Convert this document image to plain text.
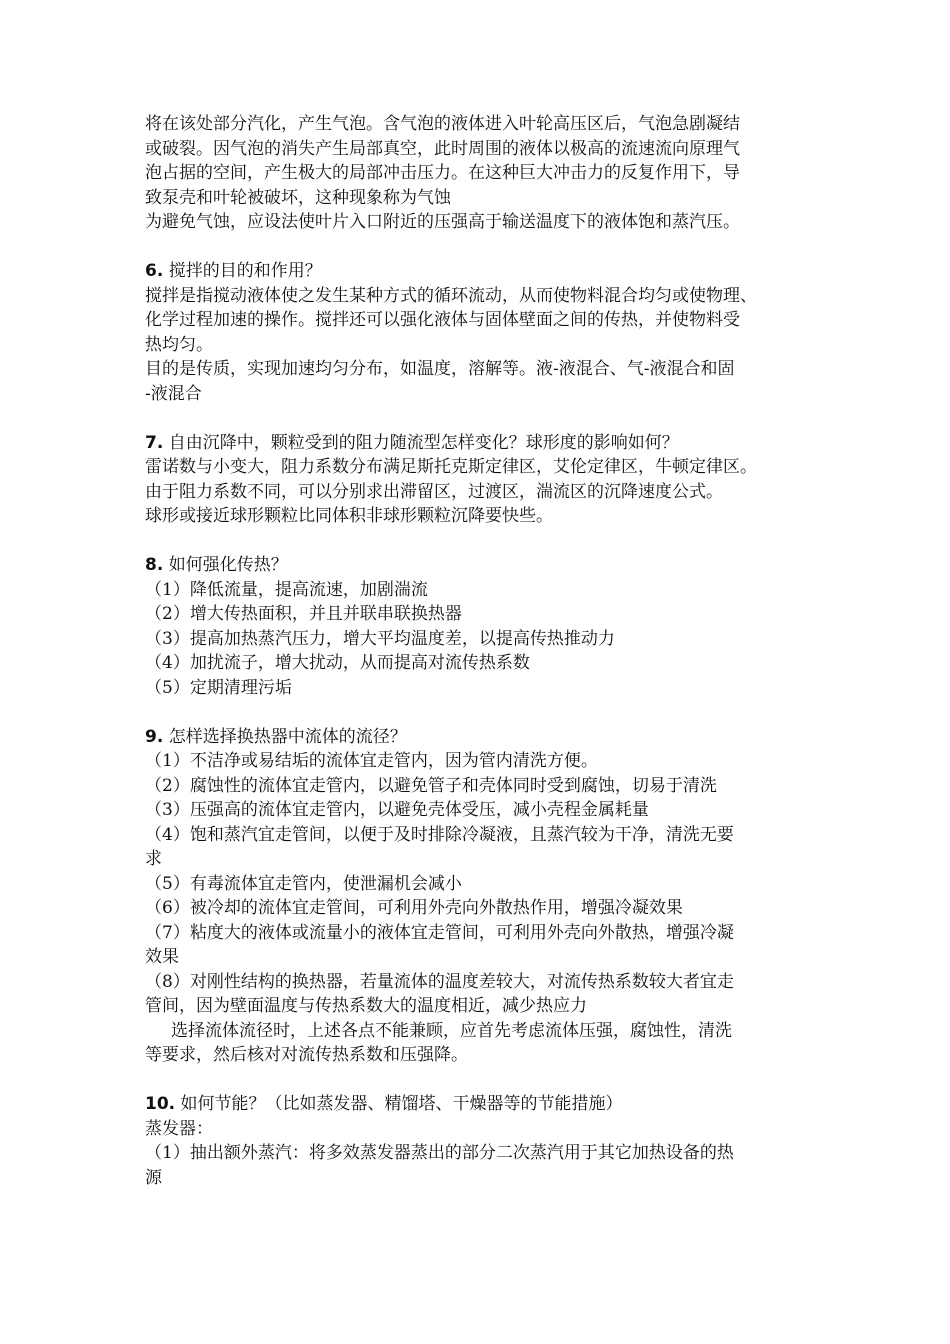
将在该处部分汽化，产生气泡。含气泡的液体进入叶轮高压区后，气泡急剧凝结
或破裂。因气泡的消失产生局部真空，此时周围的液体以极高的流速流向原理气
泡占据的空间，产生极大的局部冲击压力。在这种巨大冲击力的反复作用下，导
致泵壳和叶轮被破坏，这种现象称为气蚀
为避免气蚀，应设法使叶片入口附近的压强高于输送温度下的液体饱和蒸汽压。
6. 搅拌的目的和作用？
搅拌是指搅动液体使之发生某种方式的循环流动，从而使物料混合均匀或使物理、
化学过程加速的操作。搅拌还可以强化液体与固体壁面之间的传热，并使物料受
热均匀。
目的是传质，实现加速均匀分布，如温度，溶解等。液-液混合、气-液混合和固
-液混合
7. 自由沉降中，颗粒受到的阻力随流型怎样变化？球形度的影响如何？
雷诺数与小变大，阻力系数分布满足斯托克斯定律区，艾伦定律区，牛顿定律区。
由于阻力系数不同，可以分别求出滞留区，过渡区，湍流区的沉降速度公式。
球形或接近球形颗粒比同体积非球形颗粒沉降要快些。
8. 如何强化传热？
（1）降低流量，提高流速，加剧湍流
（2）增大传热面积，并且并联串联换热器
（3）提高加热蒸汽压力，增大平均温度差，以提高传热推动力
（4）加扰流子，增大扰动，从而提高对流传热系数
（5）定期清理污垢
9. 怎样选择换热器中流体的流径？
（1）不洁净或易结垢的流体宜走管内，因为管内清洗方便。
（2）腐蚀性的流体宜走管内，以避免管子和壳体同时受到腐蚀，切易于清洗
（3）压强高的流体宜走管内，以避免壳体受压，减小壳程金属耗量
（4）饱和蒸汽宜走管间，以便于及时排除冷凝液，且蒸汽较为干净，清洗无要
求
（5）有毒流体宜走管内，使泄漏机会减小
（6）被冷却的流体宜走管间，可利用外壳向外散热作用，增强冷凝效果
（7）粘度大的液体或流量小的液体宜走管间，可利用外壳向外散热，增强冷凝
效果
（8）对刚性结构的换热器，若量流体的温度差较大，对流传热系数较大者宜走
管间，因为壁面温度与传热系数大的温度相近，减少热应力
选择流体流径时，上述各点不能兼顾，应首先考虑流体压强，腐蚀性，清洗
等要求，然后核对对流传热系数和压强降。
10. 如何节能？（比如蒸发器、精馏塔、干燥器等的节能措施）
蒸发器：
（1）抽出额外蒸汽：将多效蒸发器蒸出的部分二次蒸汽用于其它加热设备的热
源
